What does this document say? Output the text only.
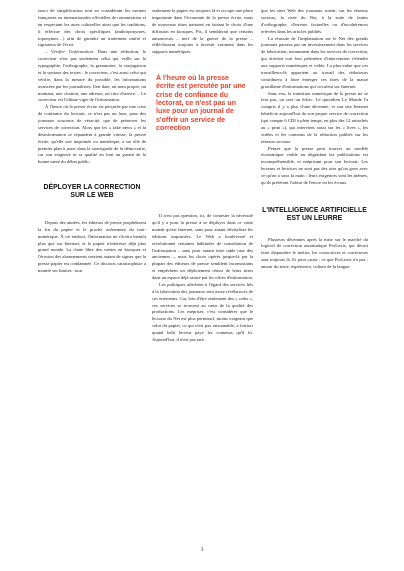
souci de simplification tout en considérant les normes françaises ou internationales officielles de romanisation et en respectant les aires culturelles ainsi que les traditions, il effectue des choix spécifiques (anthroponymes, toponymes…) afin de garantir un traitement unifié et rigoureux de l'écrit.

– Vérifier l'information. Dans une rédaction, le correcteur n'est pas seulement celui qui veille sur la typographie, l'orthographe, la grammaire, la conjugaison et la syntaxe des textes : le correcteur, c'est aussi celui qui vérifie, dans la mesure du possible, les informations avancées par les journalistes. Une date, un nom propre, un montant, une citation, une adresse, un titre d'œuvre… Le correcteur est l'ultime vigie de l'information.

À l'heure où la presse écrite est perçutée par une crise de confiance du lectorat, ce n'est pas un luxe, pour des journaux soucieux de véracité, que de préserver les services de correction. Alors que les « fake news » et la désinformation se répandent à grande vitesse, la presse écrite, qu'elle soit imprimée ou numérique, a un rôle de premier plan à jouer dans la sauvegarde de la démocratie, car son exigence et sa qualité en font un garant de la bonne santé du débat public.

DÉPLOYER LA CORRECTION SUR LE WEB

Depuis des années, les éditeurs de presse prophétisent la fin du papier et le proche avènement du tout-numérique. À cet endroit, l'information ne s'écrira bientôt plus que sur Internet, et le papier n'intéresse déjà plus grand monde. La chute libre des ventes en kiosques et l'érosion des abonnements seraient autant de signes que la presse papier est condamnée. Ce discours catastrophiste a montré ses limites : non

seulement le papier est toujours là et occupe une place importante dans l'économie de la presse écrite, mais de nouveaux titres naissent en faisant le choix d'une diffusion en kiosques. Pis, il semblerait que certains annonceurs – nerf de la guerre de la presse – réfléchissent toujours à investir vraiment dans les supports numériques.

À l'heure où la presse écrite est percutée par une crise de confiance du lectorat, ce n'est pas un luxe pour un journal de s'offrir un service de correction

Il n'est pas question, ici, de contester la nécessité qu'il y a pour la presse à se déployer dans ce vaste monde qu'est Internet, sans pour autant dévitaliser les éditions imprimées. Le Web a bouleversé et révolutionné certaines habitudes de consultation de l'information – sans pour autant faire table rase des anciennes –, mais les choix opérés jusque-là par la plupart des éditeurs de presse semblent inconsistants et empêchent un déploiement réussi de leurs titres dans un espace déjà saturé par les offres d'information.

Les politiques affichées à l'égard des services liés à la fabrication des journaux sont assez révélatrices de ces errements. Car, loin d'être seulement des « coûts », ces services se trouvent au cœur de la qualité des productions. Les mépriser, c'est considérer que le lectorat du Net est plus permissif, moins exigeant que celui du papier, ce qui n'est pas raisonnable, a fortiori quand ledit lecteur paye les contenus qu'il lit. Aujourd'hui, il n'est pas rare

que les sites Web des journaux soient, sur les réseaux sociaux, la risée du Net, à la suite de fautes d'orthographe, d'erreurs factuelles ou d'incohérences relevées dans les articles publiés.

La réussite de l'implantation sur le Net des grands journaux passera par un investissement dans les services de fabrication, notamment dans les services de correction, qui doivent voir leur périmètre d'intervention s'étendre aux supports numériques et vidéo. La plus-value que ces travailleurs-là apportent au travail des rédacteurs contribuera à faire émerger ces titres de la masse grouillante d'informations qui circulent sur Internet.

Sans eux, la transition numérique de la presse ne se fera pas, ou sera un échec. Le quotidien Le Monde l'a compris il y a plus d'une décennie, et son site Internet bénéficie aujourd'hui de son propre service de correction (qui compte 6 CDI à plein temps, en plus des 12 rattachés au « print »), qui intervient aussi sur les « lives », les vidéos et les contenus de la rédaction publiés sur les réseaux sociaux.

Penser que la presse peut trouver un modèle économique viable en dégradant les publications est incompréhensible, et méprisant pour son lectorat. Les lecteurs et lectrices ne sont pas des oies qu'on gave avec ce qu'on a sous la main : leurs exigences sont les mêmes, qu'ils préfèrent l'odeur de l'encre ou les écrans.

L'INTELLIGENCE ARTIFICIELLE EST UN LEURRE

Plusieurs décennies après la mise sur le marché du logiciel de correction automatique ProLexis, qui devait faire disparaître le métier, les correctrices et correcteurs sont toujours là. Et pour cause : ce que ProLexis n'a pas : amour du texte, expérience, culture de la langue,

3
